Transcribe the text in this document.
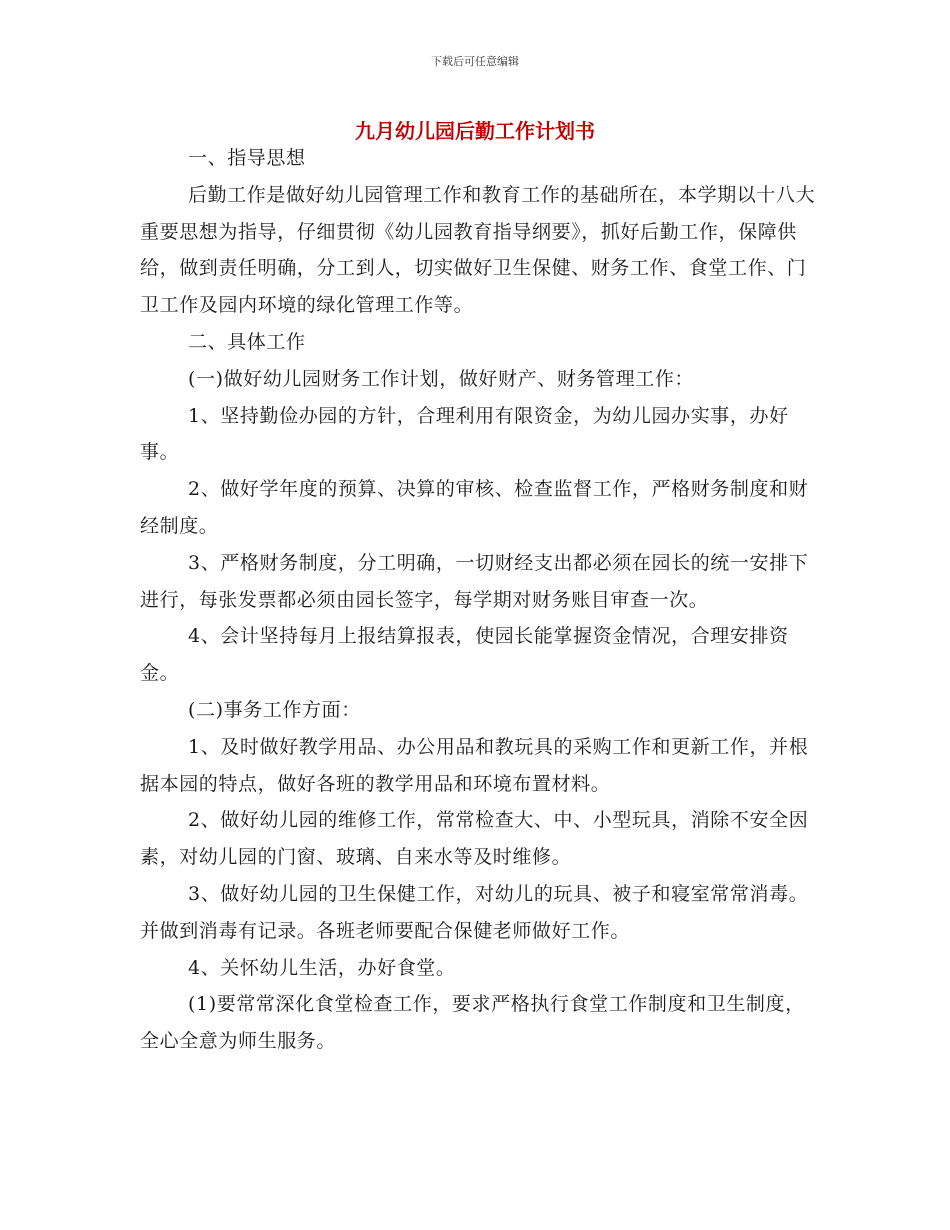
下载后可任意编辑
九月幼儿园后勤工作计划书

一、指导思想

后勤工作是做好幼儿园管理工作和教育工作的基础所在，本学期以十八大重要思想为指导，仔细贯彻《幼儿园教育指导纲要》，抓好后勤工作，保障供给，做到责任明确，分工到人，切实做好卫生保健、财务工作、食堂工作、门卫工作及园内环境的绿化管理工作等。

二、具体工作

(一)做好幼儿园财务工作计划，做好财产、财务管理工作：

1、坚持勤俭办园的方针，合理利用有限资金，为幼儿园办实事，办好事。

2、做好学年度的预算、决算的审核、检查监督工作，严格财务制度和财经制度。

3、严格财务制度，分工明确，一切财经支出都必须在园长的统一安排下进行，每张发票都必须由园长签字，每学期对财务账目审查一次。

4、会计坚持每月上报结算报表，使园长能掌握资金情况，合理安排资金。

(二)事务工作方面：

1、及时做好教学用品、办公用品和教玩具的采购工作和更新工作，并根据本园的特点，做好各班的教学用品和环境布置材料。

2、做好幼儿园的维修工作，常常检查大、中、小型玩具，消除不安全因素，对幼儿园的门窗、玻璃、自来水等及时维修。

3、做好幼儿园的卫生保健工作，对幼儿的玩具、被子和寝室常常消毒。并做到消毒有记录。各班老师要配合保健老师做好工作。

4、关怀幼儿生活，办好食堂。

(1)要常常深化食堂检查工作，要求严格执行食堂工作制度和卫生制度，全心全意为师生服务。
